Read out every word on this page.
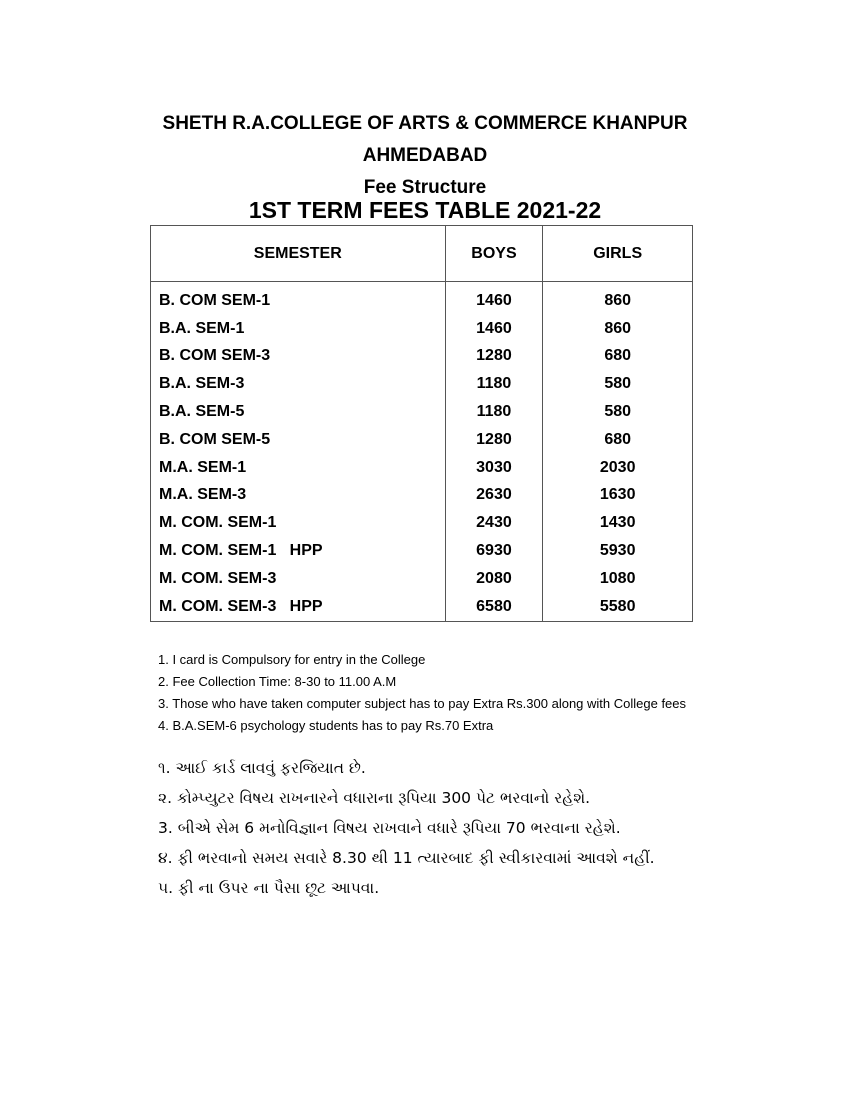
SHETH R.A.COLLEGE OF ARTS & COMMERCE KHANPUR
AHMEDABAD
Fee Structure
1ST TERM FEES TABLE 2021-22
SEMESTER	BOYS	GIRLS
B. COM SEM-1	1460	860
B.A. SEM-1	1460	860
B. COM SEM-3	1280	680
B.A. SEM-3	1180	580
B.A. SEM-5	1180	580
B. COM SEM-5	1280	680
M.A. SEM-1	3030	2030
M.A. SEM-3	2630	1630
M. COM. SEM-1	2430	1430
M. COM. SEM-1   HPP	6930	5930
M. COM. SEM-3	2080	1080
M. COM. SEM-3   HPP	6580	5580
1. I card is Compulsory for entry in the College
2. Fee Collection Time: 8-30 to 11.00 A.M
3. Those who have taken computer subject has to pay Extra Rs.300 along with College fees
4. B.A.SEM-6 psychology students has to pay Rs.70 Extra
૧. આઈ કાર્ડ લાવવું ફરજિયાત છે.
૨. કોમ્પ્યુટર વિષય રાખનારને વધારાના રૂપિયા 300 પેટ ભરવાનો રહેશે.
3. બીએ સેમ 6 મનોવિજ્ઞાન વિષય રાખવાને વધારે રૂપિયા 70 ભરવાના રહેશે.
૪. ફી ભરવાનો સમય સવારે 8.30 થી 11 ત્યારબાદ ફી સ્વીકારવામાં આવશે નહીં.
૫. ફી ના ઉપર ના પૈસા છૂટ આપવા.
